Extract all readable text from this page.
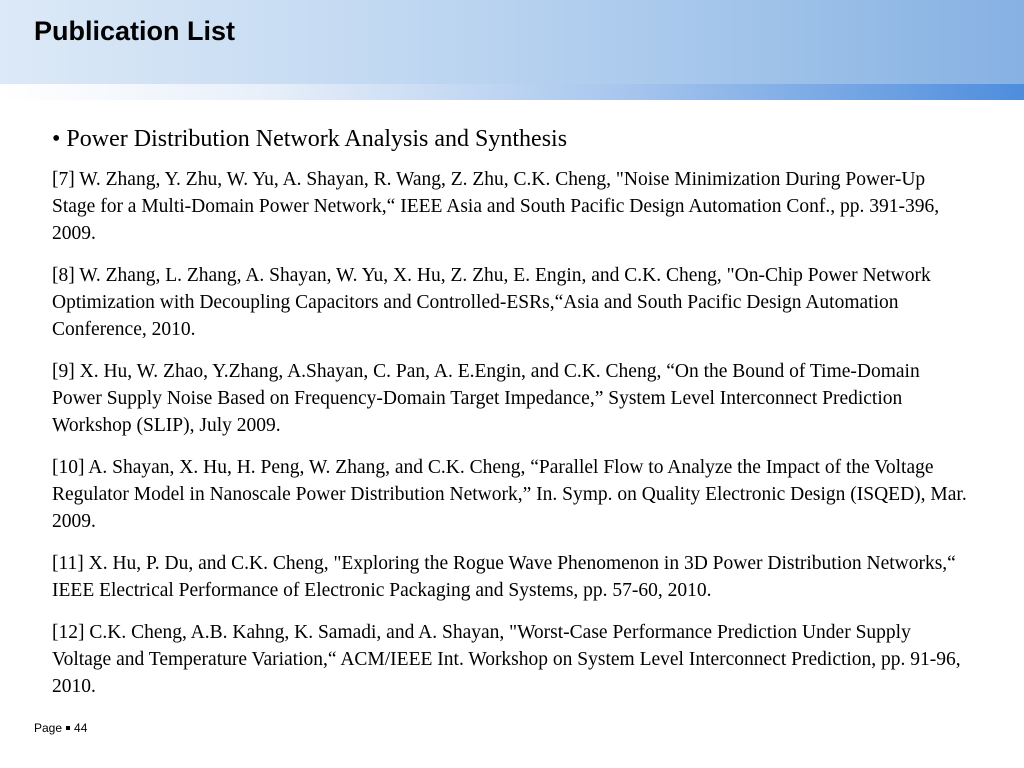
Publication List
• Power Distribution Network Analysis and Synthesis
[7] W. Zhang, Y. Zhu, W. Yu, A. Shayan, R. Wang, Z. Zhu, C.K. Cheng, "Noise Minimization During Power-Up Stage for a Multi-Domain Power Network,“ IEEE Asia and South Pacific Design Automation Conf., pp. 391-396, 2009.
[8] W. Zhang, L. Zhang, A. Shayan, W. Yu, X. Hu, Z. Zhu, E. Engin, and C.K. Cheng, "On-Chip Power Network Optimization with Decoupling Capacitors and Controlled-ESRs,“Asia and South Pacific Design Automation Conference, 2010.
[9] X. Hu, W. Zhao, Y.Zhang, A.Shayan, C. Pan, A. E.Engin, and C.K. Cheng, “On the Bound of Time-Domain Power Supply Noise Based on Frequency-Domain Target Impedance,” System Level Interconnect Prediction Workshop (SLIP), July 2009.
[10] A. Shayan, X. Hu, H. Peng, W. Zhang, and C.K. Cheng, “Parallel Flow to Analyze the Impact of the Voltage Regulator Model in Nanoscale Power Distribution Network,” In. Symp. on Quality Electronic Design (ISQED), Mar. 2009.
[11] X. Hu, P. Du, and C.K. Cheng, "Exploring the Rogue Wave Phenomenon in 3D Power Distribution Networks,“ IEEE Electrical Performance of Electronic Packaging and Systems, pp. 57-60, 2010.
[12] C.K. Cheng, A.B. Kahng, K. Samadi, and A. Shayan, "Worst-Case Performance Prediction Under Supply Voltage and Temperature Variation,“ ACM/IEEE Int. Workshop on System Level Interconnect Prediction, pp. 91-96, 2010.
Page 44
